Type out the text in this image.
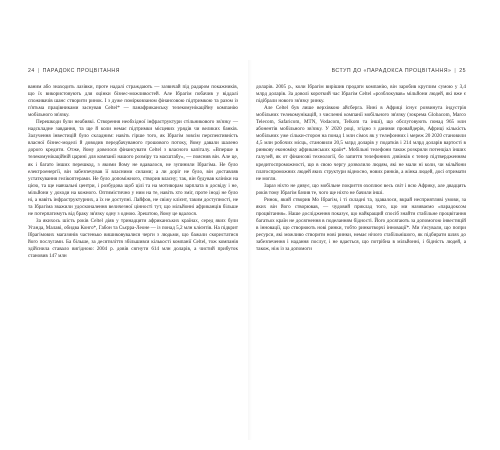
24 | ПАРАДОКС ПРОЦВІТАННЯ

ваним або знаходить лазівки, проте надалі страждають — зазвичай під радаром покажників, що їх використовують для оцінки бізнес-можливостей. Але Ібрагім побачив у віддалі споживачів шанс створити ринок. І з дуже помірковзаном фінансовою підтримкою та разом із п'ятьма працівниками заснував Celtel* — панафриканську телекомунікаційну компанію мобільного зв'язку.

Перешкоди були неабиякі. Створення необхідної інфраструктури стільникового зв'язку — надскладне завдання, та ще й коли немає підтримки місцевих урядів чи великих банків. Залучення інвестицій було складним: навіть гірше того, як Ібрагім зовсім перспективність власної бізнес-моделі й доводив передбачуваного грошового потоку, йому давали шалено дорого кредити. Отже, йому довелося фінансувати Celtel з власного капіталу. «Вперше в телекомунікаційній царині для компанії нашого розміру та масштабу», — пояснив він. Але це, як і багато інших перешкод, з якими йому не вдавалося, не зупинили Ібрагіма. Не було електроенергії, він забезпечував її власними силами; а ли доріг не було, він доставляв устаткування гелікоптерами. Не було допоміжного, створив власну; так, він будував клініки на цією, та ще навчальні центри, і розбудова щоб цілі та на мотиворам зарплата в досвіду і не, мільйони у доходи на кожного. Оптимістично у ним на те, навіть хто зміг, проте іноді не було ні, а навіть інфраструктурних, а їх не доступні. Лайфов, не свіжу клієнт, таким доступності, не та Ібрагіма зважили удосконалення величезної цінності тут, що мільйонні африканців більше не потерпатимуть від браку зв'язку одну з одною. Зрештою, йому це вдалося.

За якихось шість років Celtel діяв у тринадцяти африканських країнах, серед яких були Уганда, Малаві, обидва Конго*, Габон та Сьєрра-Леоне — із понад 5,2 млн клієнтів. На підкрит Ібрагімових магазинів частенько вишиковувалися черги з людьми, що бажали скористатися його послугами. Ба більше, за десятиліття збільшився кількості компанії Celtel, тож компанія здійснила ставало вигідною: 2004 р. довів сягнути 614 млн доларів, а чистий прибуток становив 147 млн

ВСТУП ДО «ПАРАДОКСА ПРОЦВІТАННЯ» | 25

доларів. 2005 р., коли Ібрагім вирішив продати компанію, він заробив круглим сумою у 3,4 млрд доларів. За доволі короткий час Ібрагім Celtel «розблокував» мільйони людей, які вже є підібрали нового зв'язку ринку.

Але Celtel був лише верхівкою айсберга. Нині в Африці існує розвинута індустрія мобільних телекомунікацій, з численні компанії мобільного зв'язку (зокрема Globacom, Marco Telecom, Safaricom, MTN, Vodacom, Telkom та інші), що обслуговують понад 965 млн абонентів мобільного зв'язку. У 2020 році, згідно з даними провайдерів, Африці кількість мобільних уже сільки-сторон на понад 1 млн сімох як у телефонних і мереж 20 2020 становили 4,5 млн робочих місць, становили 20,5 млрд доларів у податків і 214 млрд доларів вартості в ринкову економіку африканських країн*. Мобільні телефони також розкрили потенціал інших галузей, як от фінансові технології, бо запиття телефонних дзвінків є тепер підтвердженням кредитоспроможності, що в свою чергу дозволило людям, які не мали ні коли, чи мільйони платоспроможних людей яких структури відносно, нових ринків, а жінка людей, досі отримати не могли.

Зараз ніхто не дивує, що мобільне покриття охоплює весь світ і всю Африку, але двадцять років тому Ібрагім бачив те, чого ще ніхто не бачили інші.

Ринок, який створив Мо Ібрагім, і ті складні та, здавалося, вкрай несприятливі умови, за яких він його створював, — чудовий приклад того, що ми називаємо «парадоксом процвітання». Наше дослідження показує, що найкращий спосіб знайти стабільне процвітання багатьох країн не досягнення в поделанням бідності. Його досягають за допомогою інвестицій в інновації, що створюють нові ринки, тобто ринкотворчі інновації*. Ми з'ясували, що попри ресурси, які можливо створити нові ринки, немає нічого стабільнішого, як підбирати шлях до забезпечення і надання послуг, і не вдається, що потрібна в мільйонні, і бідність людей, а також, ніж із за допомоги
